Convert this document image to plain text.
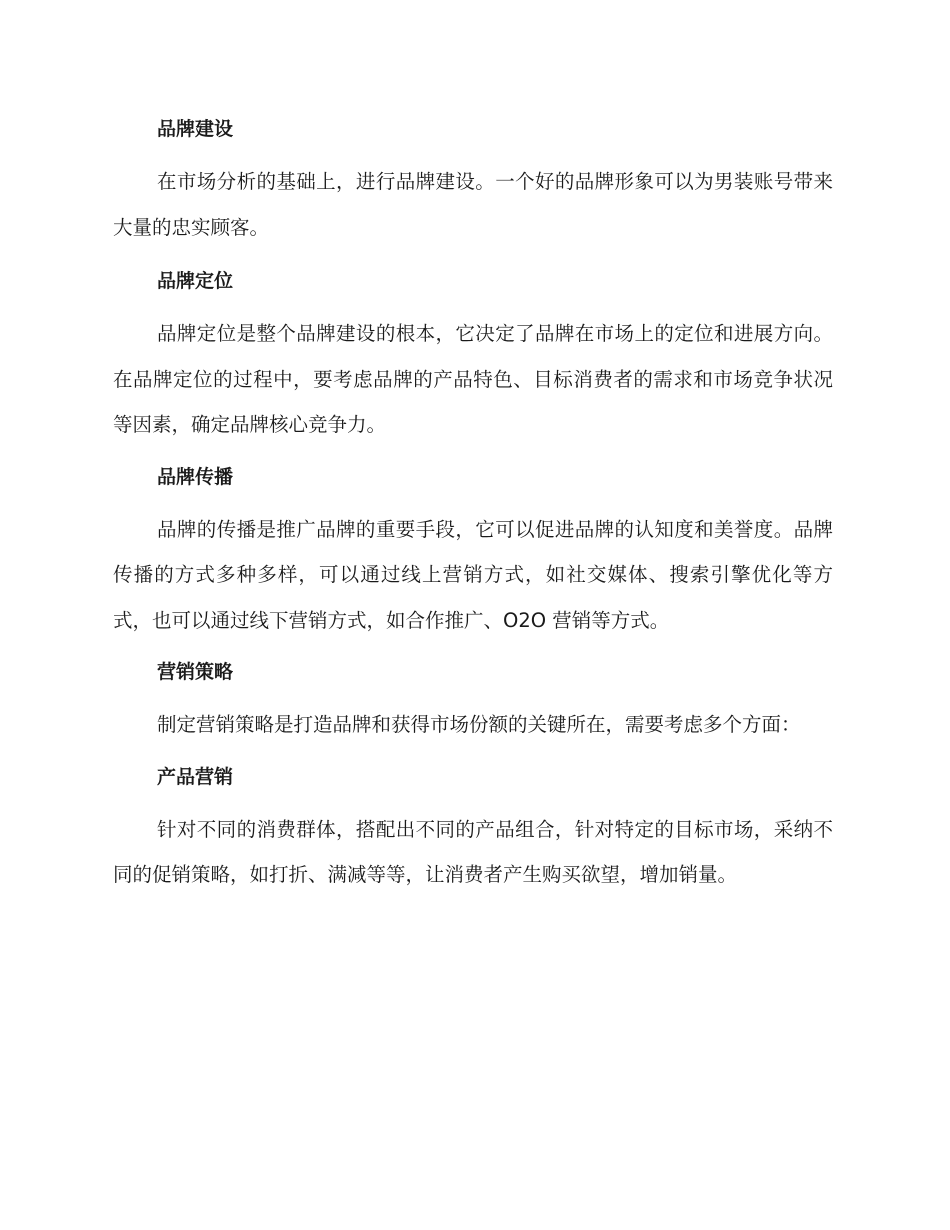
品牌建设

在市场分析的基础上，进行品牌建设。一个好的品牌形象可以为男装账号带来大量的忠实顾客。

品牌定位

品牌定位是整个品牌建设的根本，它决定了品牌在市场上的定位和进展方向。在品牌定位的过程中，要考虑品牌的产品特色、目标消费者的需求和市场竞争状况等因素，确定品牌核心竞争力。

品牌传播

品牌的传播是推广品牌的重要手段，它可以促进品牌的认知度和美誉度。品牌传播的方式多种多样，可以通过线上营销方式，如社交媒体、搜索引擎优化等方式，也可以通过线下营销方式，如合作推广、O2O 营销等方式。

营销策略

制定营销策略是打造品牌和获得市场份额的关键所在，需要考虑多个方面：

产品营销

针对不同的消费群体，搭配出不同的产品组合，针对特定的目标市场，采纳不同的促销策略，如打折、满减等等，让消费者产生购买欲望，增加销量。
